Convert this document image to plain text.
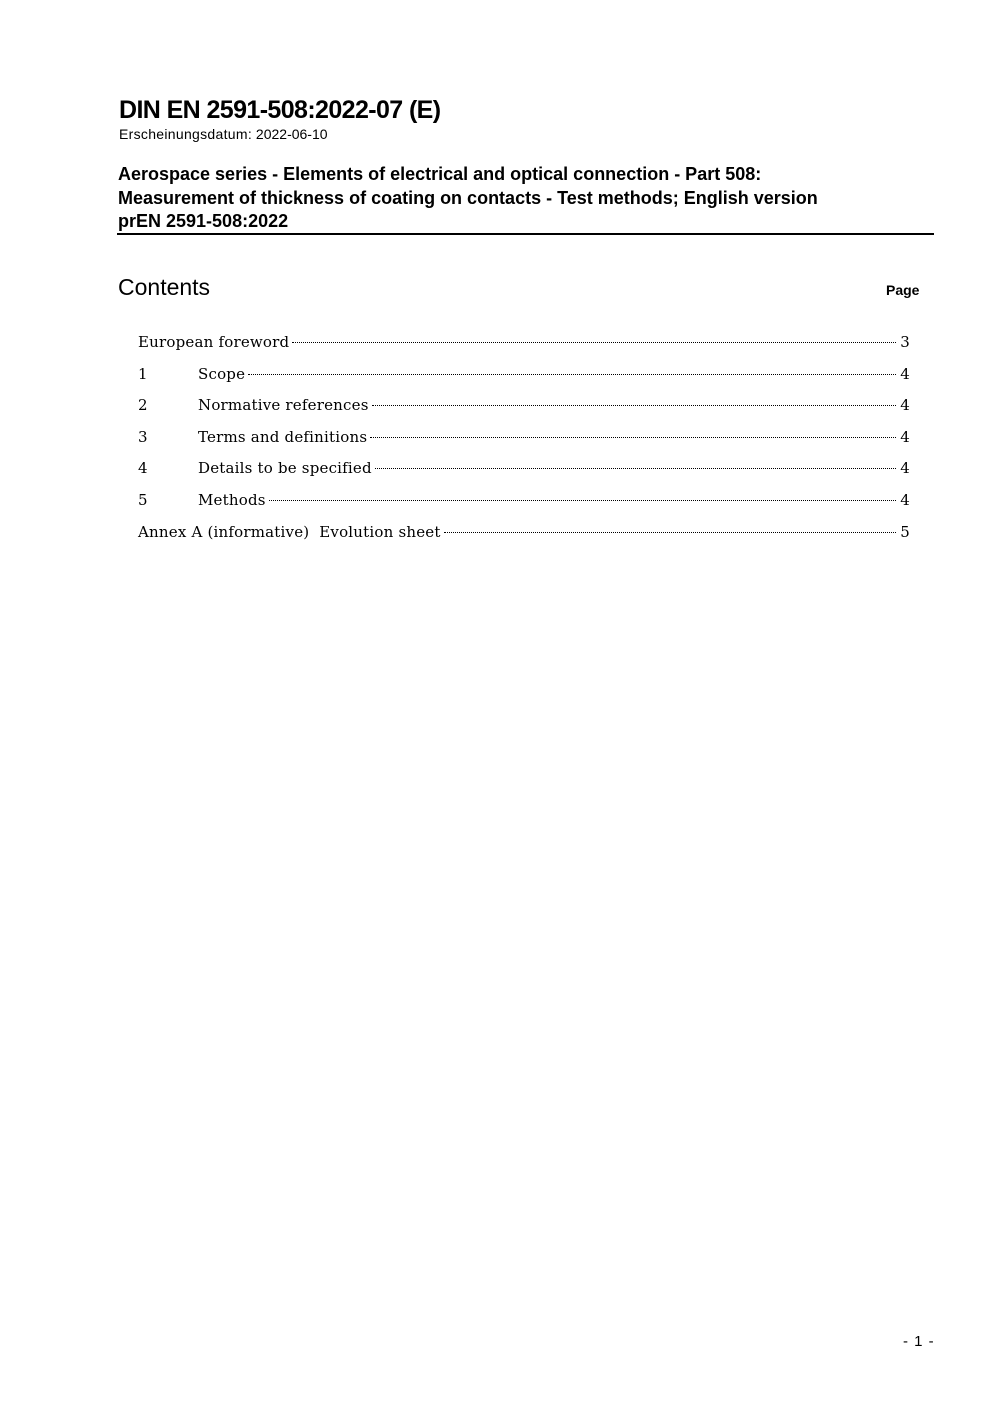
DIN EN 2591-508:2022-07 (E)
Erscheinungsdatum: 2022-06-10
Aerospace series - Elements of electrical and optical connection - Part 508:
Measurement of thickness of coating on contacts - Test methods; English version
prEN 2591-508:2022
Contents	Page
European foreword	3
1	Scope	4
2	Normative references	4
3	Terms and definitions	4
4	Details to be specified	4
5	Methods	4
Annex A (informative)  Evolution sheet	5
- 1 -
